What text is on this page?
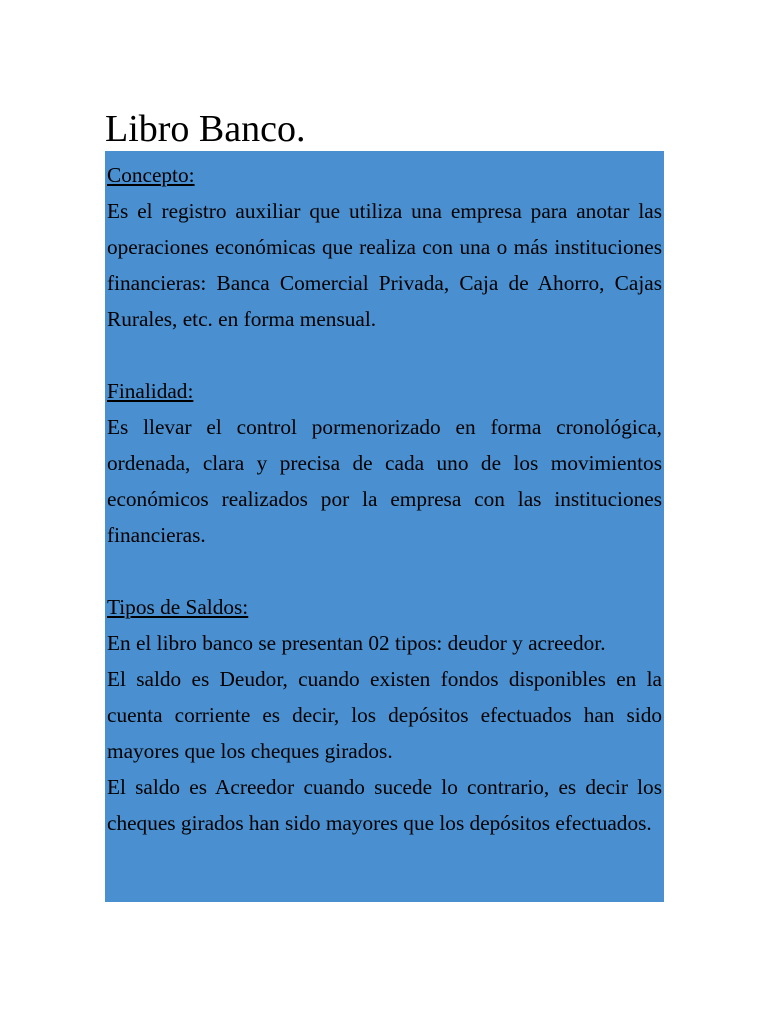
Libro Banco.

Concepto:

Es el registro auxiliar que utiliza una empresa para anotar las operaciones económicas que realiza con una o más instituciones financieras: Banca Comercial Privada, Caja de Ahorro, Cajas Rurales, etc. en forma mensual.

Finalidad:

Es llevar el control pormenorizado en forma cronológica, ordenada, clara y precisa de cada uno de los movimientos económicos realizados por la empresa con las instituciones financieras.

Tipos de Saldos:

En el libro banco se presentan 02 tipos: deudor y acreedor.

El saldo es Deudor, cuando existen fondos disponibles en la cuenta corriente es decir, los depósitos efectuados han sido mayores que los cheques girados.

El saldo es Acreedor cuando sucede lo contrario, es decir los cheques girados han sido mayores que los depósitos efectuados.
